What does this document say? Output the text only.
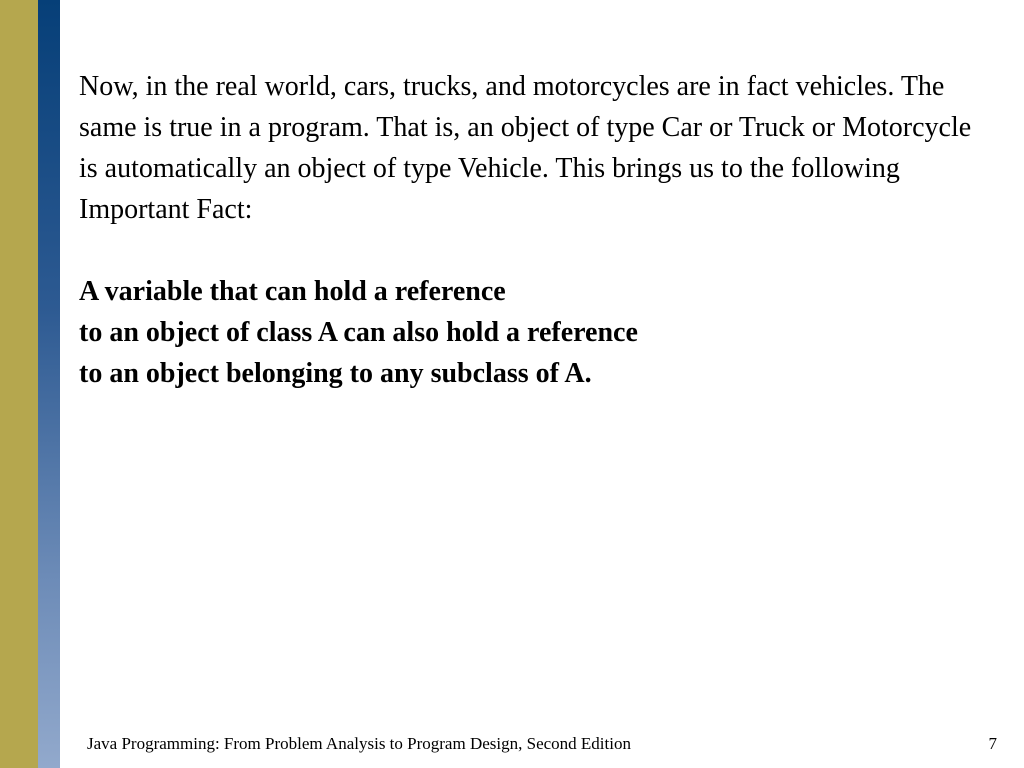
Now, in the real world, cars, trucks, and motorcycles are in fact vehicles. The same is true in a program. That is, an object of type Car or Truck or Motorcycle is automatically an object of type Vehicle. This brings us to the following Important Fact:

A variable that can hold a reference
to an object of class A can also hold a reference
to an object belonging to any subclass of A.
Java Programming: From Problem Analysis to Program Design, Second Edition	7
